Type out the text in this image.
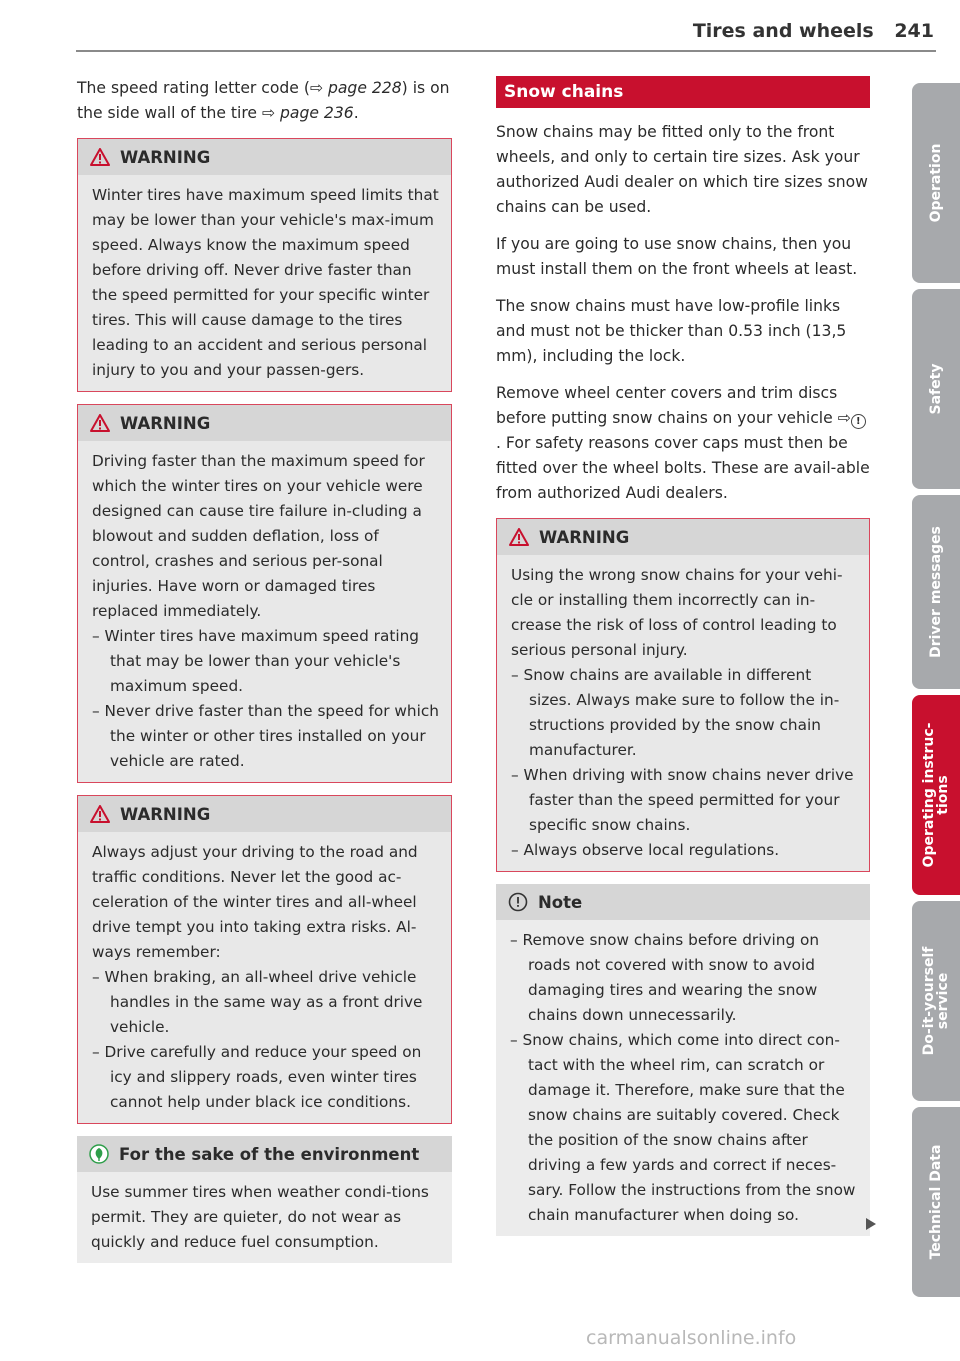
Tires and wheels 241

The speed rating letter code (⇨ page 228) is on the side wall of the tire ⇨ page 236.

WARNING

Winter tires have maximum speed limits that may be lower than your vehicle's max-imum speed. Always know the maximum speed before driving off. Never drive faster than the speed permitted for your specific winter tires. This will cause damage to the tires leading to an accident and serious personal injury to you and your passen-gers.

WARNING

Driving faster than the maximum speed for which the winter tires on your vehicle were designed can cause tire failure in-cluding a blowout and sudden deflation, loss of control, crashes and serious per-sonal injuries. Have worn or damaged tires replaced immediately.

– Winter tires have maximum speed rating that may be lower than your vehicle's maximum speed.
– Never drive faster than the speed for which the winter or other tires installed on your vehicle are rated.
WARNING

Always adjust your driving to the road and traffic conditions. Never let the good ac-celeration of the winter tires and all-wheel drive tempt you into taking extra risks. Al-ways remember:

– When braking, an all-wheel drive vehicle handles in the same way as a front drive vehicle.
– Drive carefully and reduce your speed on icy and slippery roads, even winter tires cannot help under black ice conditions.
For the sake of the environment

Use summer tires when weather condi-tions permit. They are quieter, do not wear as quickly and reduce fuel consumption.

Snow chains

Snow chains may be fitted only to the front wheels, and only to certain tire sizes. Ask your authorized Audi dealer on which tire sizes snow chains can be used.

If you are going to use snow chains, then you must install them on the front wheels at least.

The snow chains must have low-profile links and must not be thicker than 0.53 inch (13,5 mm), including the lock.

Remove wheel center covers and trim discs before putting snow chains on your vehicle ⇨ !. For safety reasons cover caps must then be fitted over the wheel bolts. These are avail-able from authorized Audi dealers.

WARNING

Using the wrong snow chains for your vehi-cle or installing them incorrectly can in-crease the risk of loss of control leading to serious personal injury.

– Snow chains are available in different sizes. Always make sure to follow the in-structions provided by the snow chain manufacturer.
– When driving with snow chains never drive faster than the speed permitted for your specific snow chains.
– Always observe local regulations.
Note
– Remove snow chains before driving on roads not covered with snow to avoid damaging tires and wearing the snow chains down unnecessarily.
– Snow chains, which come into direct con-tact with the wheel rim, can scratch or damage it. Therefore, make sure that the snow chains are suitably covered. Check the position of the snow chains after driving a few yards and correct if neces-sary. Follow the instructions from the snow chain manufacturer when doing so.
Operation
Safety
Driver messages
Operating instruc-tions
Do-it-yourself service
Technical Data
carmanualsonline.info
